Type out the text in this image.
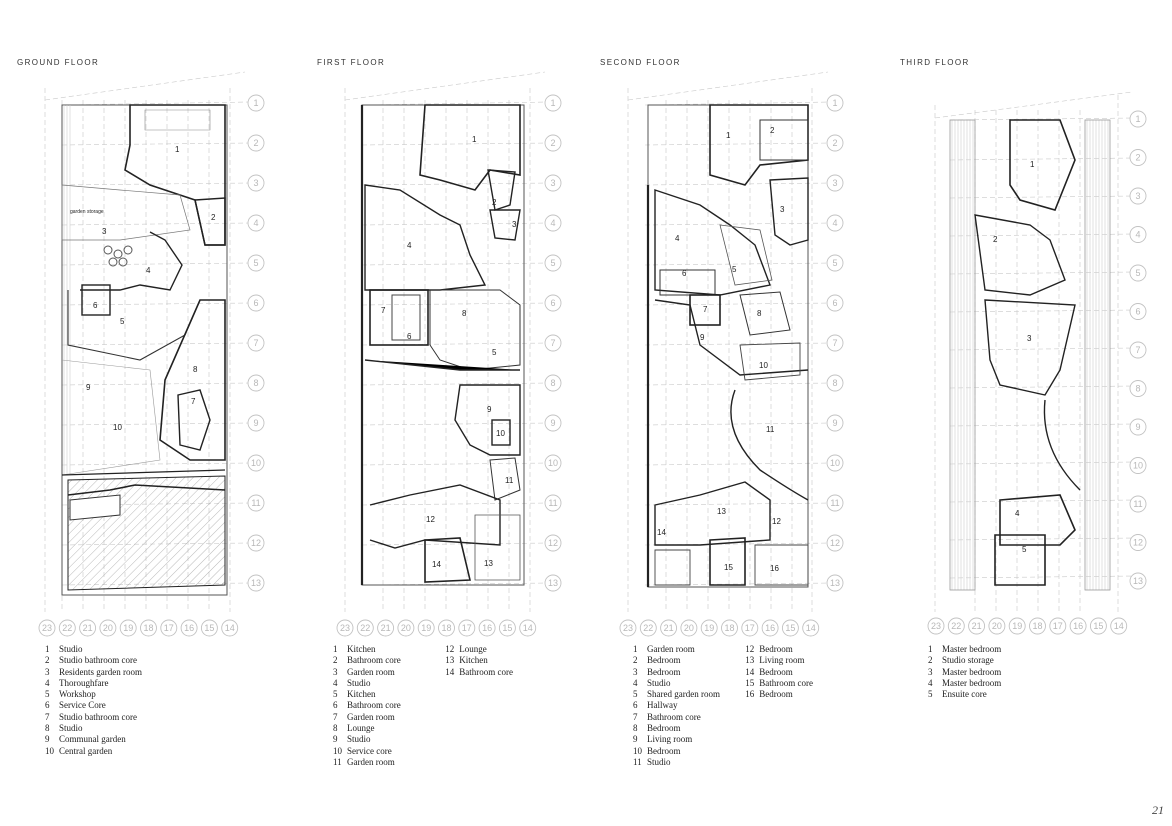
GROUND FLOOR	FIRST FLOOR	SECOND FLOOR	THIRD FLOOR
1
2
3
4
5
6
7
8
9
10
garden storage
1
2
3
4
5
6
7	8
9
10
11
12
13
14
1
2
3
4
5
6
7	8
9
10
11
12
13
14
15	16
1
2
3
4
5
1
2
3
4
5
6
7
8
9
10
11
12
13
23 22 21 20 19 18 17 16 15 14
1
2
3
4
5
6
7
8
9
10
11
12
13
23 22 21 20 19 18 17 16 15 14
1
2
3
4
5
6
7
8
9
10
11
12
13
23 22 21 20 19 18 17 16 15 14
1
2
3
4
5
6
7
8
9
10
11
12
13
23 22 21 20 19 18 17 16 15 14
1	Studio
2	Studio bathroom core
3	Residents garden room
4	Thoroughfare
5	Workshop
6	Service Core
7	Studio bathroom core
8	Studio
9	Communal garden
10 Central garden
1	Kitchen
2	Bathroom core
3	Garden room
4	Studio
5	Kitchen
6	Bathroom core
7	Garden room
8	Lounge
9	Studio
10 Service core
11 Garden room

12 Lounge
13 Kitchen
14 Bathroom core
1	Garden room
2	Bedroom
3	Bedroom
4	Studio
5	Shared garden room
6	Hallway
7	Bathroom core
8	Bedroom
9	Living room
10 Bedroom
11 Studio

12 Bedroom
13 Living room
14 Bedroom
15 Bathroom core
16 Bedroom
1	Master bedroom
2	Studio storage
3	Master bedroom
4	Master bedroom
5	Ensuite core
21
